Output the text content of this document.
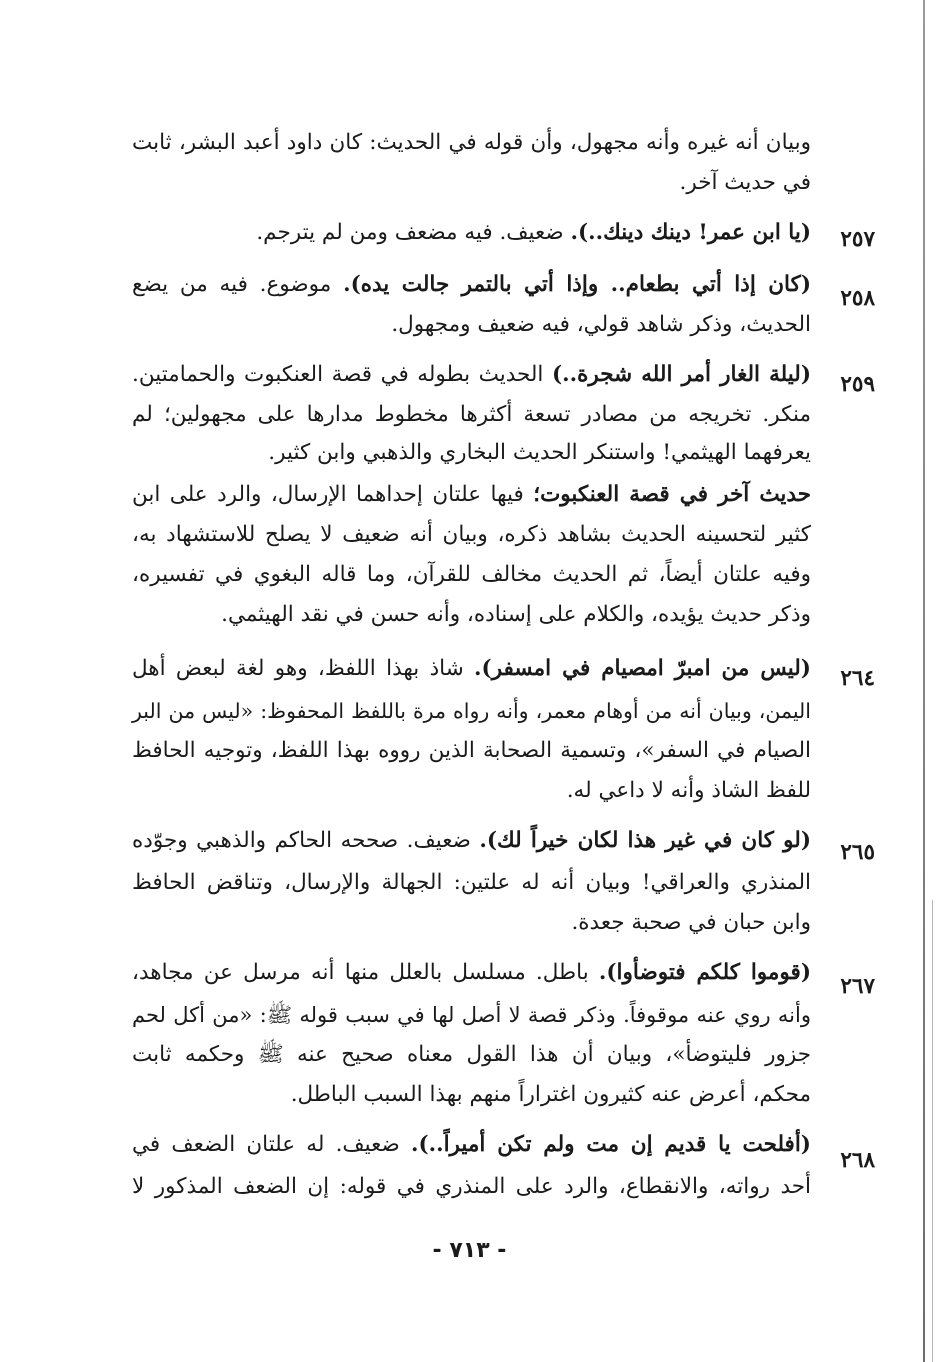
وبيان أنه غيره وأنه مجهول، وأن قوله في الحديث: كان داود أعبد البشر، ثابت
في حديث آخر.
٢٥٧
(يا ابن عمر! دينك دينك..). ضعيف. فيه مضعف ومن لم يترجم.
٢٥٨
(كان إذا أتي بطعام.. وإذا أتي بالتمر جالت يده). موضوع. فيه من يضع
الحديث، وذكر شاهد قولي، فيه ضعيف ومجهول.
٢٥٩
(ليلة الغار أمر الله شجرة..) الحديث بطوله في قصة العنكبوت والحمامتين.
منكر. تخريجه من مصادر تسعة أكثرها مخطوط مدارها على مجهولين؛ لم
يعرفهما الهيثمي! واستنكر الحديث البخاري والذهبي وابن كثير.
حديث آخر في قصة العنكبوت؛ فيها علتان إحداهما الإرسال، والرد على ابن
كثير لتحسينه الحديث بشاهد ذكره، وبيان أنه ضعيف لا يصلح للاستشهاد به،
وفيه علتان أيضاً، ثم الحديث مخالف للقرآن، وما قاله البغوي في تفسيره،
وذكر حديث يؤيده، والكلام على إسناده، وأنه حسن في نقد الهيثمي.
٢٦٤
(ليس من امبرّ امصيام في امسفر). شاذ بهذا اللفظ، وهو لغة لبعض أهل
اليمن، وبيان أنه من أوهام معمر، وأنه رواه مرة باللفظ المحفوظ: «ليس من البر
الصيام في السفر»، وتسمية الصحابة الذين رووه بهذا اللفظ، وتوجيه الحافظ
للفظ الشاذ وأنه لا داعي له.
٢٦٥
(لو كان في غير هذا لكان خيراً لك). ضعيف. صححه الحاكم والذهبي وجوّده
المنذري والعراقي! وبيان أنه له علتين: الجهالة والإرسال، وتناقض الحافظ
وابن حبان في صحبة جعدة.
٢٦٧
(قوموا كلكم فتوضأوا). باطل. مسلسل بالعلل منها أنه مرسل عن مجاهد،
وأنه روي عنه موقوفاً. وذكر قصة لا أصل لها في سبب قوله ﷺ: «من أكل لحم
جزور فليتوضأ»، وبيان أن هذا القول معناه صحيح عنه ﷺ وحكمه ثابت
محكم، أعرض عنه كثيرون اغتراراً منهم بهذا السبب الباطل.
٢٦٨
(أفلحت يا قديم إن مت ولم تكن أميراً..). ضعيف. له علتان الضعف في
أحد رواته، والانقطاع، والرد على المنذري في قوله: إن الضعف المذكور لا
- ٧١٣ -
